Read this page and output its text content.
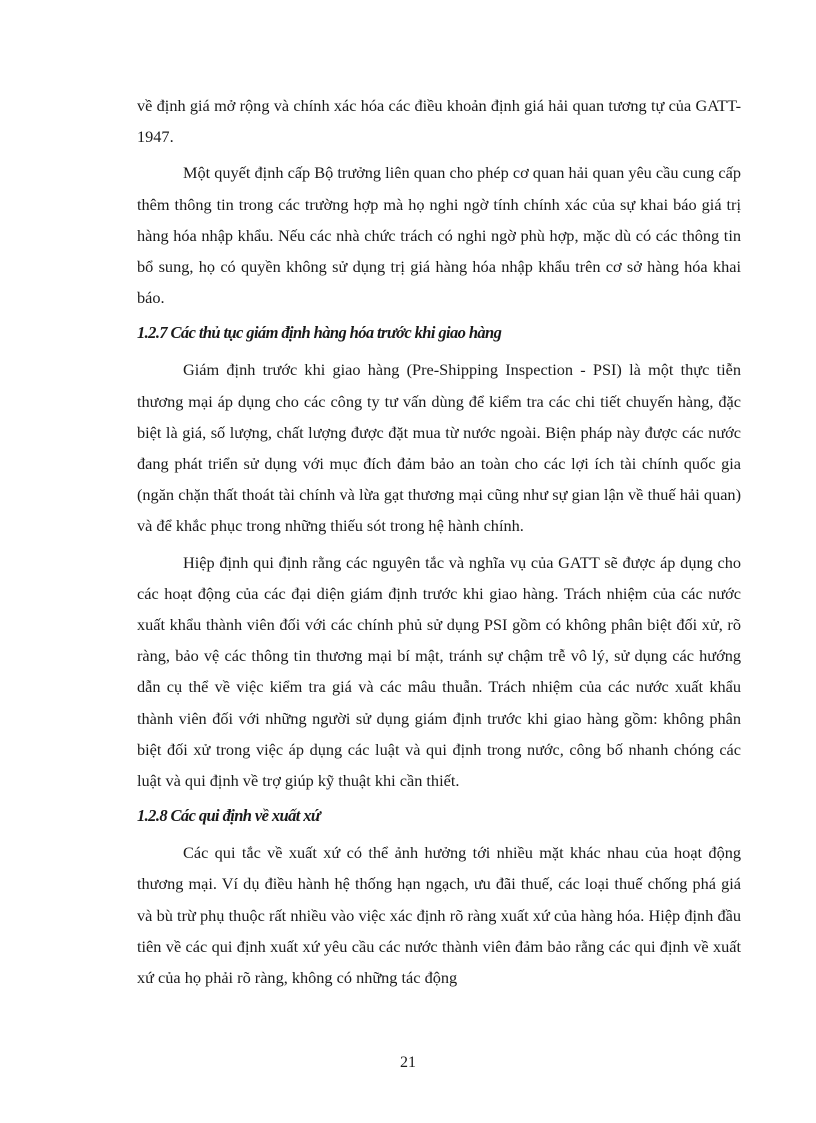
về định giá mở rộng và chính xác hóa các điều khoản định giá hải quan tương tự của GATT- 1947.

Một quyết định cấp Bộ trưởng liên quan cho phép cơ quan hải quan yêu cầu cung cấp thêm thông tin trong các trường hợp mà họ nghi ngờ tính chính xác của sự khai báo giá trị hàng hóa nhập khẩu. Nếu các nhà chức trách có nghi ngờ phù hợp, mặc dù có các thông tin bổ sung, họ có quyền không sử dụng trị giá hàng hóa nhập khẩu trên cơ sở hàng hóa khai báo.

1.2.7 Các thủ tục giám định hàng hóa trước khi giao hàng

Giám định trước khi giao hàng (Pre-Shipping Inspection - PSI) là một thực tiễn thương mại áp dụng cho các công ty tư vấn dùng để kiểm tra các chi tiết chuyến hàng, đặc biệt là giá, số lượng, chất lượng được đặt mua từ nước ngoài. Biện pháp này được các nước đang phát triển sử dụng với mục đích đảm bảo an toàn cho các lợi ích tài chính quốc gia (ngăn chặn thất thoát tài chính và lừa gạt thương mại cũng như sự gian lận về thuế hải quan) và để khắc phục trong những thiếu sót trong hệ hành chính.

Hiệp định qui định rằng các nguyên tắc và nghĩa vụ của GATT sẽ được áp dụng cho các hoạt động của các đại diện giám định trước khi giao hàng. Trách nhiệm của các nước xuất khẩu thành viên đối với các chính phủ sử dụng PSI gồm có không phân biệt đối xử, rõ ràng, bảo vệ các thông tin thương mại bí mật, tránh sự chậm trễ vô lý, sử dụng các hướng dẫn cụ thể về việc kiểm tra giá và các mâu thuẫn. Trách nhiệm của các nước xuất khẩu thành viên đối với những người sử dụng giám định trước khi giao hàng gồm: không phân biệt đối xử trong việc áp dụng các luật và qui định trong nước, công bố nhanh chóng các luật và qui định về trợ giúp kỹ thuật khi cần thiết.

1.2.8 Các qui định về xuất xứ

Các qui tắc về xuất xứ có thể ảnh hưởng tới nhiều mặt khác nhau của hoạt động thương mại. Ví dụ điều hành hệ thống hạn ngạch, ưu đãi thuế, các loại thuế chống phá giá và bù trừ phụ thuộc rất nhiều vào việc xác định rõ ràng xuất xứ của hàng hóa. Hiệp định đầu tiên về các qui định xuất xứ yêu cầu các nước thành viên đảm bảo rằng các qui định về xuất xứ của họ phải rõ ràng, không có những tác động

21
